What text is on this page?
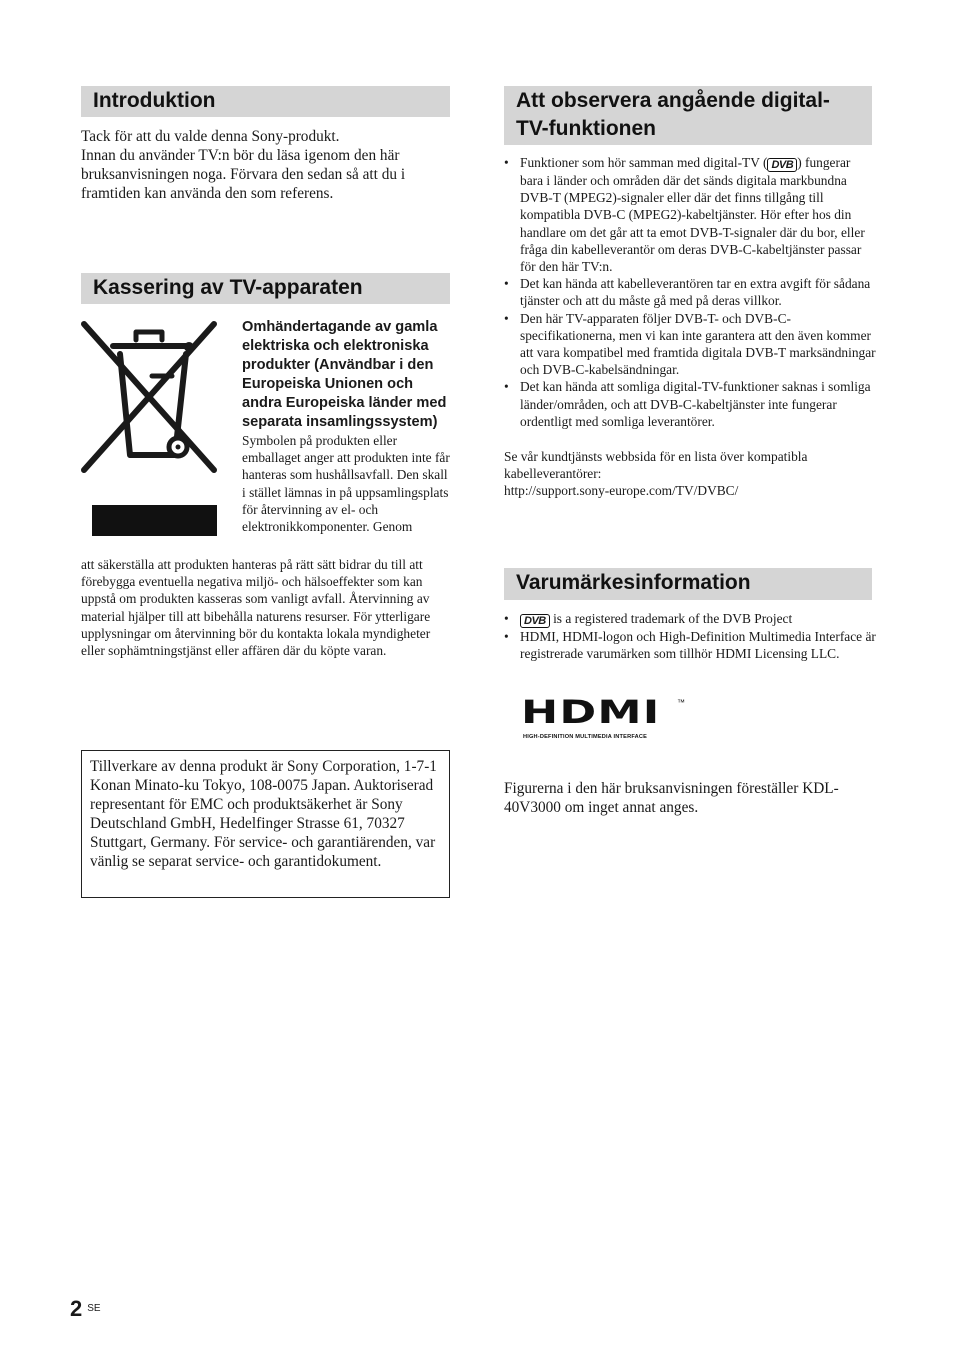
Introduktion
Tack för att du valde denna Sony-produkt.
Innan du använder TV:n bör du läsa igenom den här bruksanvisningen noga. Förvara den sedan så att du i framtiden kan använda den som referens.
Kassering av TV-apparaten
Omhändertagande av gamla elektriska och elektroniska produkter (Användbar i den Europeiska Unionen och andra Europeiska länder med separata insamlingssystem)
Symbolen på produkten eller emballaget anger att produkten inte får hanteras som hushållsavfall. Den skall i stället lämnas in på uppsamlingsplats för återvinning av el- och elektronikkomponenter. Genom
att säkerställa att produkten hanteras på rätt sätt bidrar du till att förebygga eventuella negativa miljö- och hälsoeffekter som kan uppstå om produkten kasseras som vanligt avfall. Återvinning av material hjälper till att bibehålla naturens resurser. För ytterligare upplysningar om återvinning bör du kontakta lokala myndigheter eller sophämtningstjänst eller affären där du köpte varan.
Tillverkare av denna produkt är Sony Corporation, 1-7-1 Konan Minato-ku Tokyo, 108-0075 Japan. Auktoriserad representant för EMC och produktsäkerhet är Sony Deutschland GmbH, Hedelfinger Strasse 61, 70327 Stuttgart, Germany. För service- och garantiärenden, var vänlig se separat service- och garantidokument.
Att observera angående digital-TV-funktionen
• Funktioner som hör samman med digital-TV ( DVB ) fungerar bara i länder och områden där det sänds digitala markbundna DVB-T (MPEG2)-signaler eller där det finns tillgång till kompatibla DVB-C (MPEG2)-kabeltjänster. Hör efter hos din handlare om det går att ta emot DVB-T-signaler där du bor, eller fråga din kabelleverantör om deras DVB-C-kabeltjänster passar för den här TV:n.
• Det kan hända att kabelleverantören tar en extra avgift för sådana tjänster och att du måste gå med på deras villkor.
• Den här TV-apparaten följer DVB-T- och DVB-C-specifikationerna, men vi kan inte garantera att den även kommer att vara kompatibel med framtida digitala DVB-T marksändningar och DVB-C-kabelsändningar.
• Det kan hända att somliga digital-TV-funktioner saknas i somliga länder/områden, och att DVB-C-kabeltjänster inte fungerar ordentligt med somliga leverantörer.
Se vår kundtjänsts webbsida för en lista över kompatibla kabelleverantörer:
http://support.sony-europe.com/TV/DVBC/
Varumärkesinformation
• DVB is a registered trademark of the DVB Project
• HDMI, HDMI-logon och High-Definition Multimedia Interface är registrerade varumärken som tillhör HDMI Licensing LLC.
HDMI ™
HIGH-DEFINITION MULTIMEDIA INTERFACE
Figurerna i den här bruksanvisningen föreställer KDL-40V3000 om inget annat anges.
2 $^{SE}$
